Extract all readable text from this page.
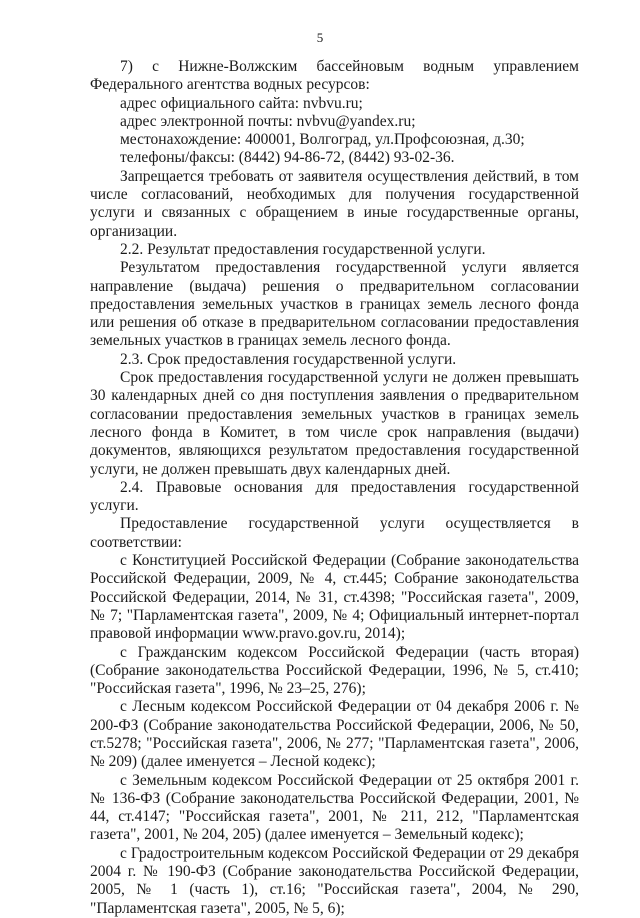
5

7) с Нижне-Волжским бассейновым водным управлением Федерального агентства водных ресурсов:

адрес официального сайта: nvbvu.ru;

адрес электронной почты: nvbvu@yandex.ru;

местонахождение: 400001, Волгоград, ул.Профсоюзная, д.30;

телефоны/факсы: (8442) 94-86-72, (8442) 93-02-36.

Запрещается требовать от заявителя осуществления действий, в том числе согласований, необходимых для получения государственной услуги и связанных с обращением в иные государственные органы, организации.

2.2. Результат предоставления государственной услуги.

Результатом предоставления государственной услуги является направление (выдача) решения о предварительном согласовании предоставления земельных участков в границах земель лесного фонда или решения об отказе в предварительном согласовании предоставления земельных участков в границах земель лесного фонда.

2.3. Срок предоставления государственной услуги.

Срок предоставления государственной услуги не должен превышать 30 календарных дней со дня поступления заявления о предварительном согласовании предоставления земельных участков в границах земель лесного фонда в Комитет, в том числе срок направления (выдачи) документов, являющихся результатом предоставления государственной услуги, не должен превышать двух календарных дней.

2.4. Правовые основания для предоставления государственной услуги.

Предоставление государственной услуги осуществляется в соответствии:

с Конституцией Российской Федерации (Собрание законодательства Российской Федерации, 2009, № 4, ст.445; Собрание законодательства Российской Федерации, 2014, № 31, ст.4398; "Российская газета", 2009, № 7; "Парламентская газета", 2009, № 4; Официальный интернет-портал правовой информации www.pravo.gov.ru, 2014);

с Гражданским кодексом Российской Федерации (часть вторая) (Собрание законодательства Российской Федерации, 1996, № 5, ст.410; "Российская газета", 1996, № 23–25, 276);

с Лесным кодексом Российской Федерации от 04 декабря 2006 г. № 200-ФЗ (Собрание законодательства Российской Федерации, 2006, № 50, ст.5278; "Российская газета", 2006, № 277; "Парламентская газета", 2006, № 209) (далее именуется – Лесной кодекс);

с Земельным кодексом Российской Федерации от 25 октября 2001 г. № 136-ФЗ (Собрание законодательства Российской Федерации, 2001, № 44, ст.4147; "Российская газета", 2001, № 211, 212, "Парламентская газета", 2001, № 204, 205) (далее именуется – Земельный кодекс);

с Градостроительным кодексом Российской Федерации от 29 декабря 2004 г. № 190-ФЗ (Собрание законодательства Российской Федерации, 2005, № 1 (часть 1), ст.16; "Российская газета", 2004, № 290, "Парламентская газета", 2005, № 5, 6);
